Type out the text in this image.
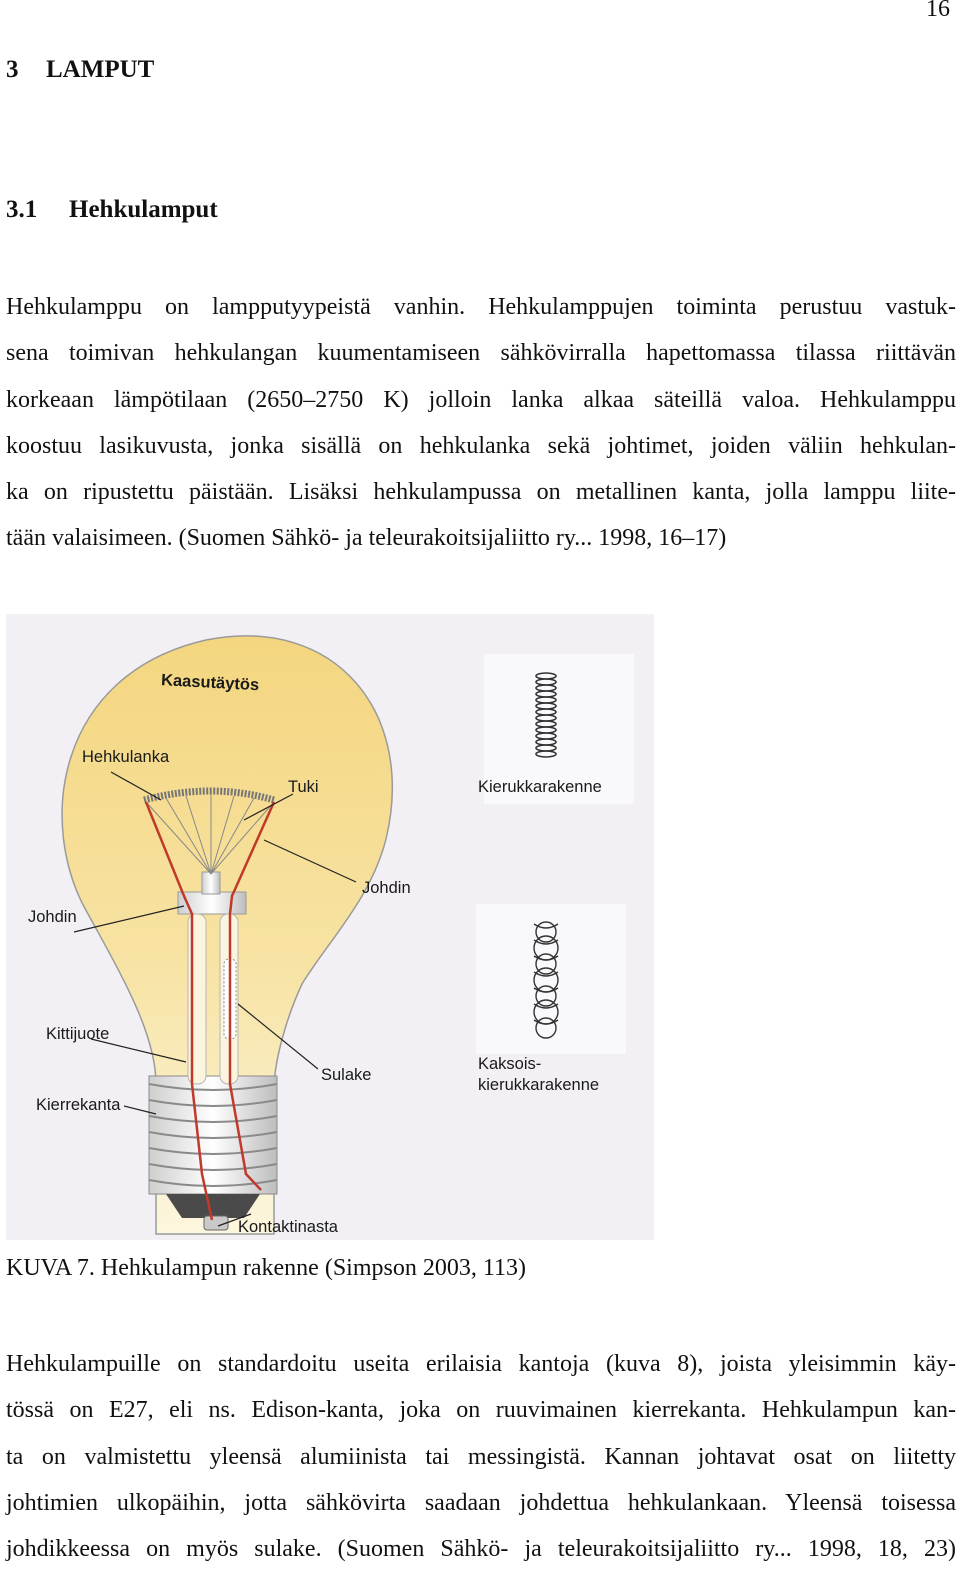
16
3 LAMPUT
3.1 Hehkulamput
Hehkulamppu on lampputyypeistä vanhin. Hehkulamppujen toiminta perustuu vastuk-
sena toimivan hehkulangan kuumentamiseen sähkövirralla hapettomassa tilassa riittävän
korkeaan lämpötilaan (2650–2750 K) jolloin lanka alkaa säteillä valoa. Hehkulamppu
koostuu lasikuvusta, jonka sisällä on hehkulanka sekä johtimet, joiden väliin hehkulan-
ka on ripustettu päistään. Lisäksi hehkulampussa on metallinen kanta, jolla lamppu liite-
tään valaisimeen. (Suomen Sähkö- ja teleurakoitsijaliitto ry... 1998, 16–17)
Kaasutäytös
Hehkulanka
Tuki
Johdin
Johdin
Kittijuote
Sulake
Kierrekanta
Kontaktinasta
Kierukkarakenne
Kaksois-
kierukkarakenne
KUVA 7. Hehkulampun rakenne (Simpson 2003, 113)
Hehkulampuille on standardoitu useita erilaisia kantoja (kuva 8), joista yleisimmin käy-
tössä on E27, eli ns. Edison-kanta, joka on ruuvimainen kierrekanta. Hehkulampun kan-
ta on valmistettu yleensä alumiinista tai messingistä. Kannan johtavat osat on liitetty
johtimien ulkopäihin, jotta sähkövirta saadaan johdettua hehkulankaan. Yleensä toisessa
johdikkeessa on myös sulake. (Suomen Sähkö- ja teleurakoitsijaliitto ry... 1998, 18, 23)
